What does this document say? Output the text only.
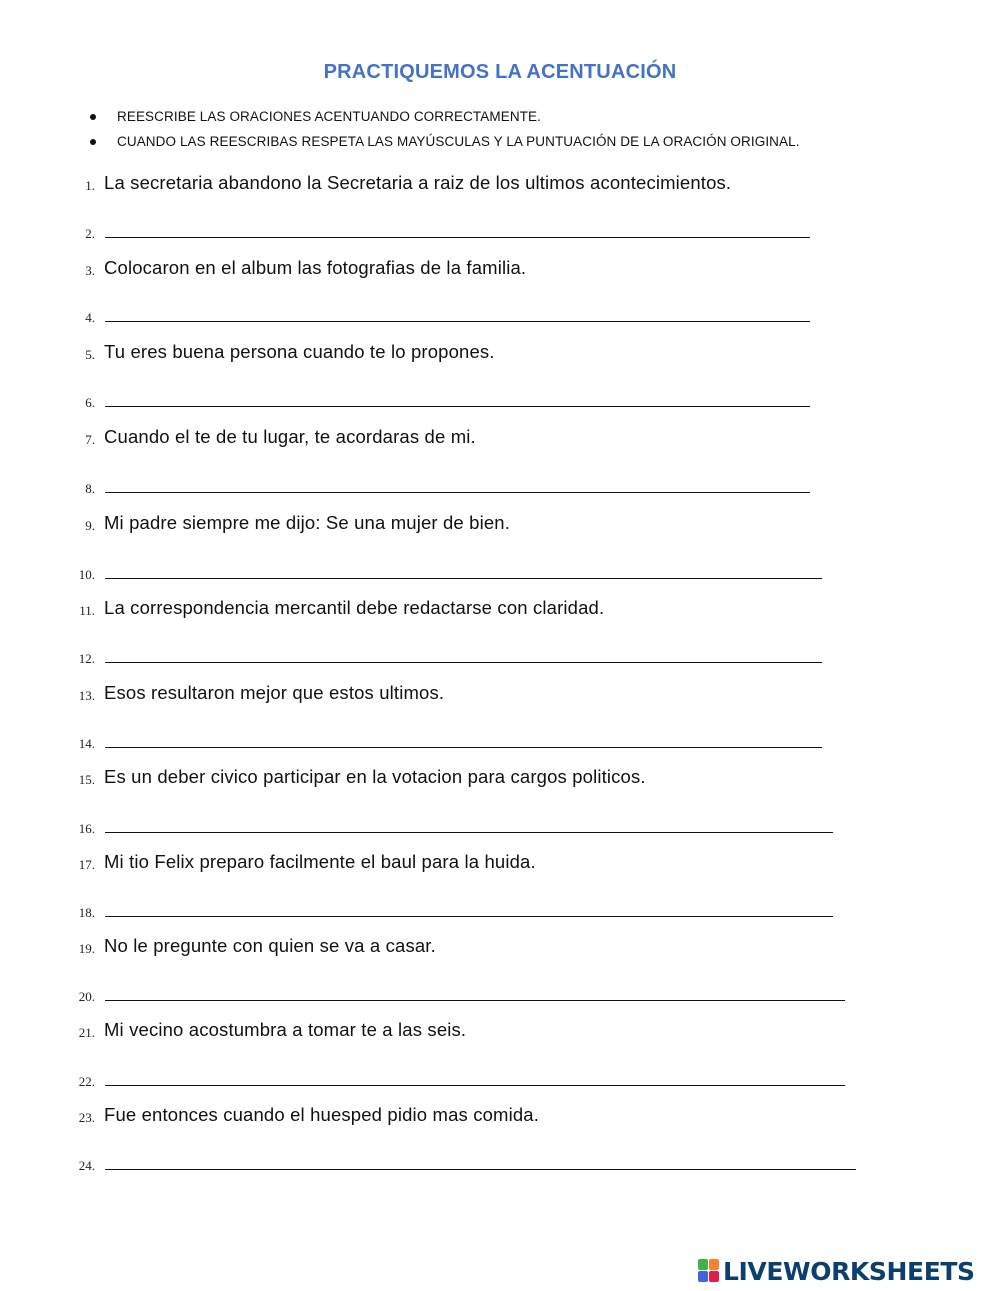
PRACTIQUEMOS LA ACENTUACIÓN
REESCRIBE LAS ORACIONES ACENTUANDO CORRECTAMENTE.
CUANDO LAS REESCRIBAS RESPETA LAS MAYÚSCULAS Y LA PUNTUACIÓN DE LA ORACIÓN ORIGINAL.
1. La secretaria abandono la Secretaria a raiz de los ultimos acontecimientos.
2.
3. Colocaron en el album las fotografias de la familia.
4.
5. Tu eres buena persona cuando te lo propones.
6.
7. Cuando el te de tu lugar, te acordaras de mi.
8.
9. Mi padre siempre me dijo: Se una mujer de bien.
10.
11. La correspondencia mercantil debe redactarse con claridad.
12.
13. Esos resultaron mejor que estos ultimos.
14.
15. Es un deber civico participar en la votacion para cargos politicos.
16.
17. Mi tio Felix preparo facilmente el baul para la huida.
18.
19. No le pregunte con quien se va a casar.
20.
21. Mi vecino acostumbra a tomar te a las seis.
22.
23. Fue entonces cuando el huesped pidio mas comida.
24.
LIVEWORKSHEETS
